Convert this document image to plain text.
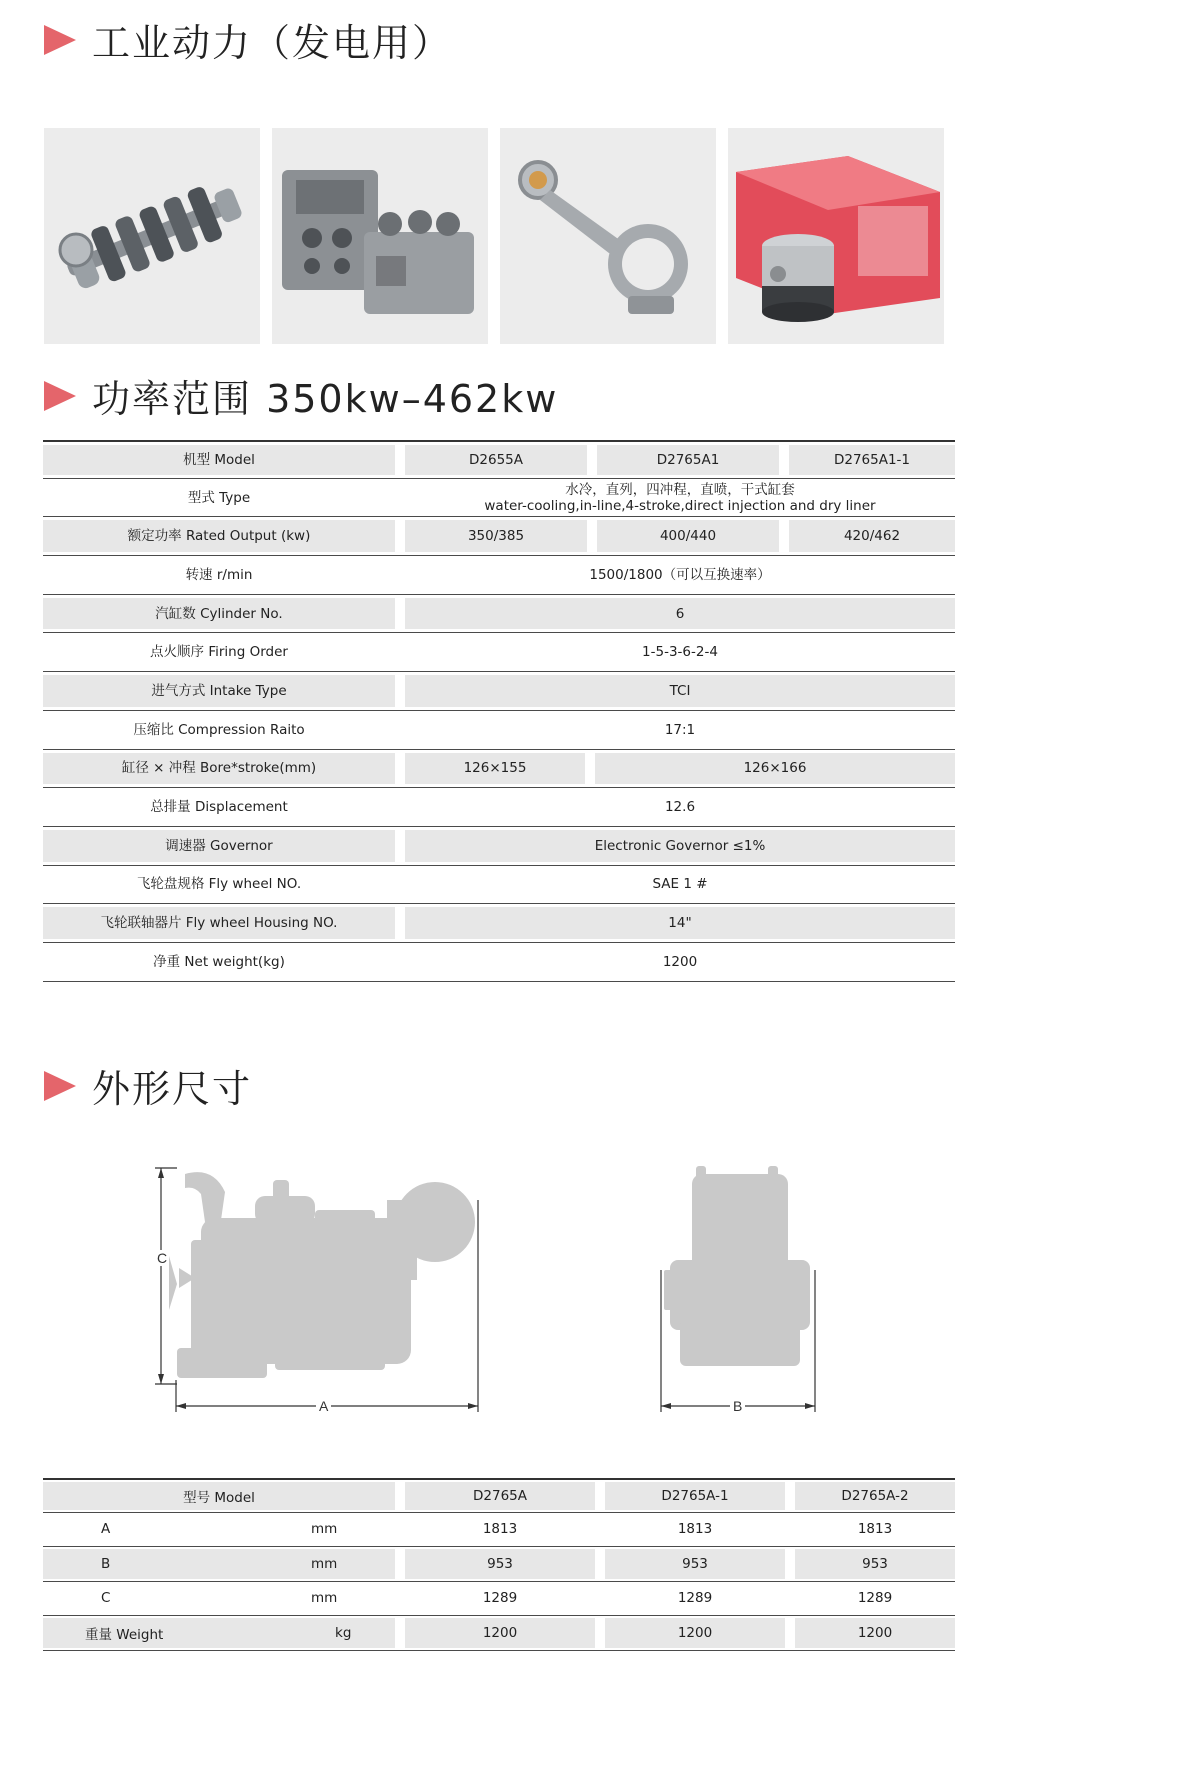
工业动力（发电用）
功率范围 350kw–462kw
机型 Model	D2655A	D2765A1	D2765A1-1
型式 Type	水冷，直列，四冲程，直喷，干式缸套
water-cooling,in-line,4-stroke,direct injection and dry liner
额定功率 Rated Output (kw)	350/385	400/440	420/462
转速 r/min	1500/1800（可以互换速率）
汽缸数 Cylinder No.	6
点火顺序 Firing Order	1-5-3-6-2-4
进气方式 Intake Type	TCI
压缩比 Compression Raito	17:1
缸径 × 冲程 Bore*stroke(mm)	126×155	126×166
总排量 Displacement	12.6
调速器 Governor	Electronic Governor ≤1%
飞轮盘规格 Fly wheel NO.	SAE 1 #
飞轮联轴器片 Fly wheel Housing NO.	14"
净重 Net weight(kg)	1200
外形尺寸
C
A	B
型号 Model	D2765A	D2765A-1	D2765A-2
A	mm	1813	1813	1813
B	mm	953	953	953
C	mm	1289	1289	1289
重量 Weight	kg	1200	1200	1200
